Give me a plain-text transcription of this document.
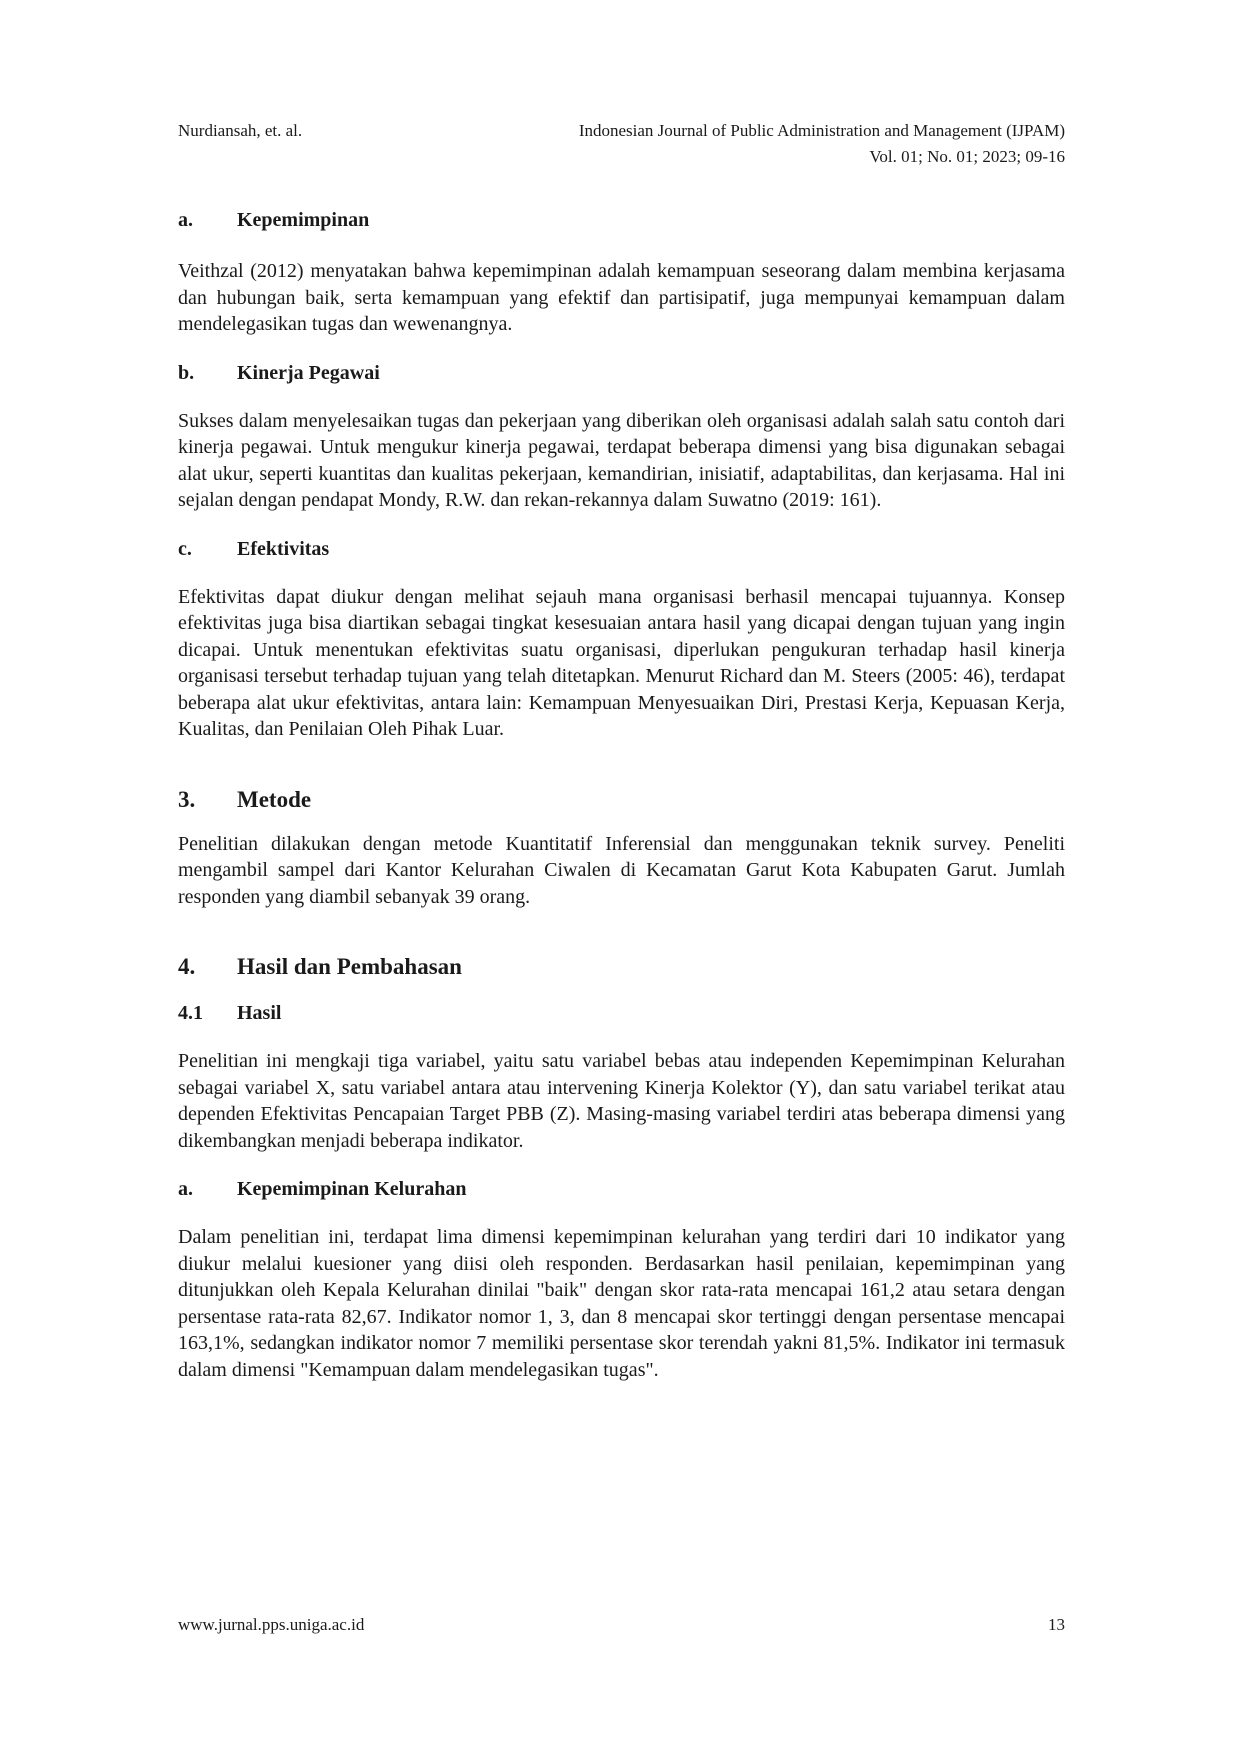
Nurdiansah, et. al.	Indonesian Journal of Public Administration and Management (IJPAM)
Vol. 01; No. 01; 2023; 09-16
a. Kepemimpinan

Veithzal (2012) menyatakan bahwa kepemimpinan adalah kemampuan seseorang dalam membina kerjasama dan hubungan baik, serta kemampuan yang efektif dan partisipatif, juga mempunyai kemampuan dalam mendelegasikan tugas dan wewenangnya.

b. Kinerja Pegawai

Sukses dalam menyelesaikan tugas dan pekerjaan yang diberikan oleh organisasi adalah salah satu contoh dari kinerja pegawai. Untuk mengukur kinerja pegawai, terdapat beberapa dimensi yang bisa digunakan sebagai alat ukur, seperti kuantitas dan kualitas pekerjaan, kemandirian, inisiatif, adaptabilitas, dan kerjasama. Hal ini sejalan dengan pendapat Mondy, R.W. dan rekan-rekannya dalam Suwatno (2019: 161).

c. Efektivitas

Efektivitas dapat diukur dengan melihat sejauh mana organisasi berhasil mencapai tujuannya. Konsep efektivitas juga bisa diartikan sebagai tingkat kesesuaian antara hasil yang dicapai dengan tujuan yang ingin dicapai. Untuk menentukan efektivitas suatu organisasi, diperlukan pengukuran terhadap hasil kinerja organisasi tersebut terhadap tujuan yang telah ditetapkan. Menurut Richard dan M. Steers (2005: 46), terdapat beberapa alat ukur efektivitas, antara lain: Kemampuan Menyesuaikan Diri, Prestasi Kerja, Kepuasan Kerja, Kualitas, dan Penilaian Oleh Pihak Luar.

3. Metode

Penelitian dilakukan dengan metode Kuantitatif Inferensial dan menggunakan teknik survey. Peneliti mengambil sampel dari Kantor Kelurahan Ciwalen di Kecamatan Garut Kota Kabupaten Garut. Jumlah responden yang diambil sebanyak 39 orang.

4. Hasil dan Pembahasan
4.1 Hasil

Penelitian ini mengkaji tiga variabel, yaitu satu variabel bebas atau independen Kepemimpinan Kelurahan sebagai variabel X, satu variabel antara atau intervening Kinerja Kolektor (Y), dan satu variabel terikat atau dependen Efektivitas Pencapaian Target PBB (Z). Masing-masing variabel terdiri atas beberapa dimensi yang dikembangkan menjadi beberapa indikator.

a. Kepemimpinan Kelurahan

Dalam penelitian ini, terdapat lima dimensi kepemimpinan kelurahan yang terdiri dari 10 indikator yang diukur melalui kuesioner yang diisi oleh responden. Berdasarkan hasil penilaian, kepemimpinan yang ditunjukkan oleh Kepala Kelurahan dinilai "baik" dengan skor rata-rata mencapai 161,2 atau setara dengan persentase rata-rata 82,67. Indikator nomor 1, 3, dan 8 mencapai skor tertinggi dengan persentase mencapai 163,1%, sedangkan indikator nomor 7 memiliki persentase skor terendah yakni 81,5%. Indikator ini termasuk dalam dimensi "Kemampuan dalam mendelegasikan tugas".

www.jurnal.pps.uniga.ac.id	13
